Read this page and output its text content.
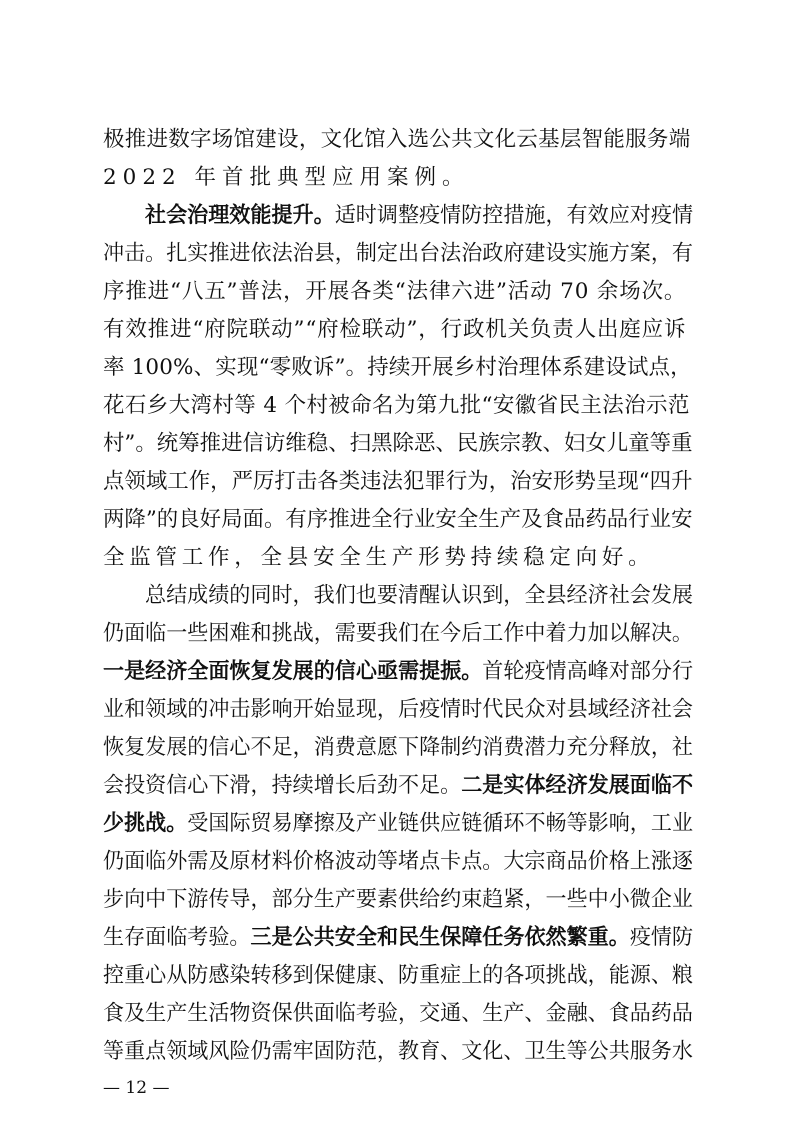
极推进数字场馆建设，文化馆入选公共文化云基层智能服务端
2022 年首批典型应用案例。
社会治理效能提升。适时调整疫情防控措施，有效应对疫情
冲击。扎实推进依法治县，制定出台法治政府建设实施方案，有
序推进“八五”普法，开展各类“法律六进”活动 70 余场次。
有效推进“府院联动”“府检联动”，行政机关负责人出庭应诉
率 100%、实现“零败诉”。持续开展乡村治理体系建设试点，
花石乡大湾村等 4 个村被命名为第九批“安徽省民主法治示范
村”。统筹推进信访维稳、扫黑除恶、民族宗教、妇女儿童等重
点领域工作，严厉打击各类违法犯罪行为，治安形势呈现“四升
两降”的良好局面。有序推进全行业安全生产及食品药品行业安
全监管工作，全县安全生产形势持续稳定向好。
总结成绩的同时，我们也要清醒认识到，全县经济社会发展
仍面临一些困难和挑战，需要我们在今后工作中着力加以解决。
一是经济全面恢复发展的信心亟需提振。首轮疫情高峰对部分行
业和领域的冲击影响开始显现，后疫情时代民众对县域经济社会
恢复发展的信心不足，消费意愿下降制约消费潜力充分释放，社
会投资信心下滑，持续增长后劲不足。二是实体经济发展面临不
少挑战。受国际贸易摩擦及产业链供应链循环不畅等影响，工业
仍面临外需及原材料价格波动等堵点卡点。大宗商品价格上涨逐
步向中下游传导，部分生产要素供给约束趋紧，一些中小微企业
生存面临考验。三是公共安全和民生保障任务依然繁重。疫情防
控重心从防感染转移到保健康、防重症上的各项挑战，能源、粮
食及生产生活物资保供面临考验，交通、生产、金融、食品药品
等重点领域风险仍需牢固防范，教育、文化、卫生等公共服务水
— 12 —
